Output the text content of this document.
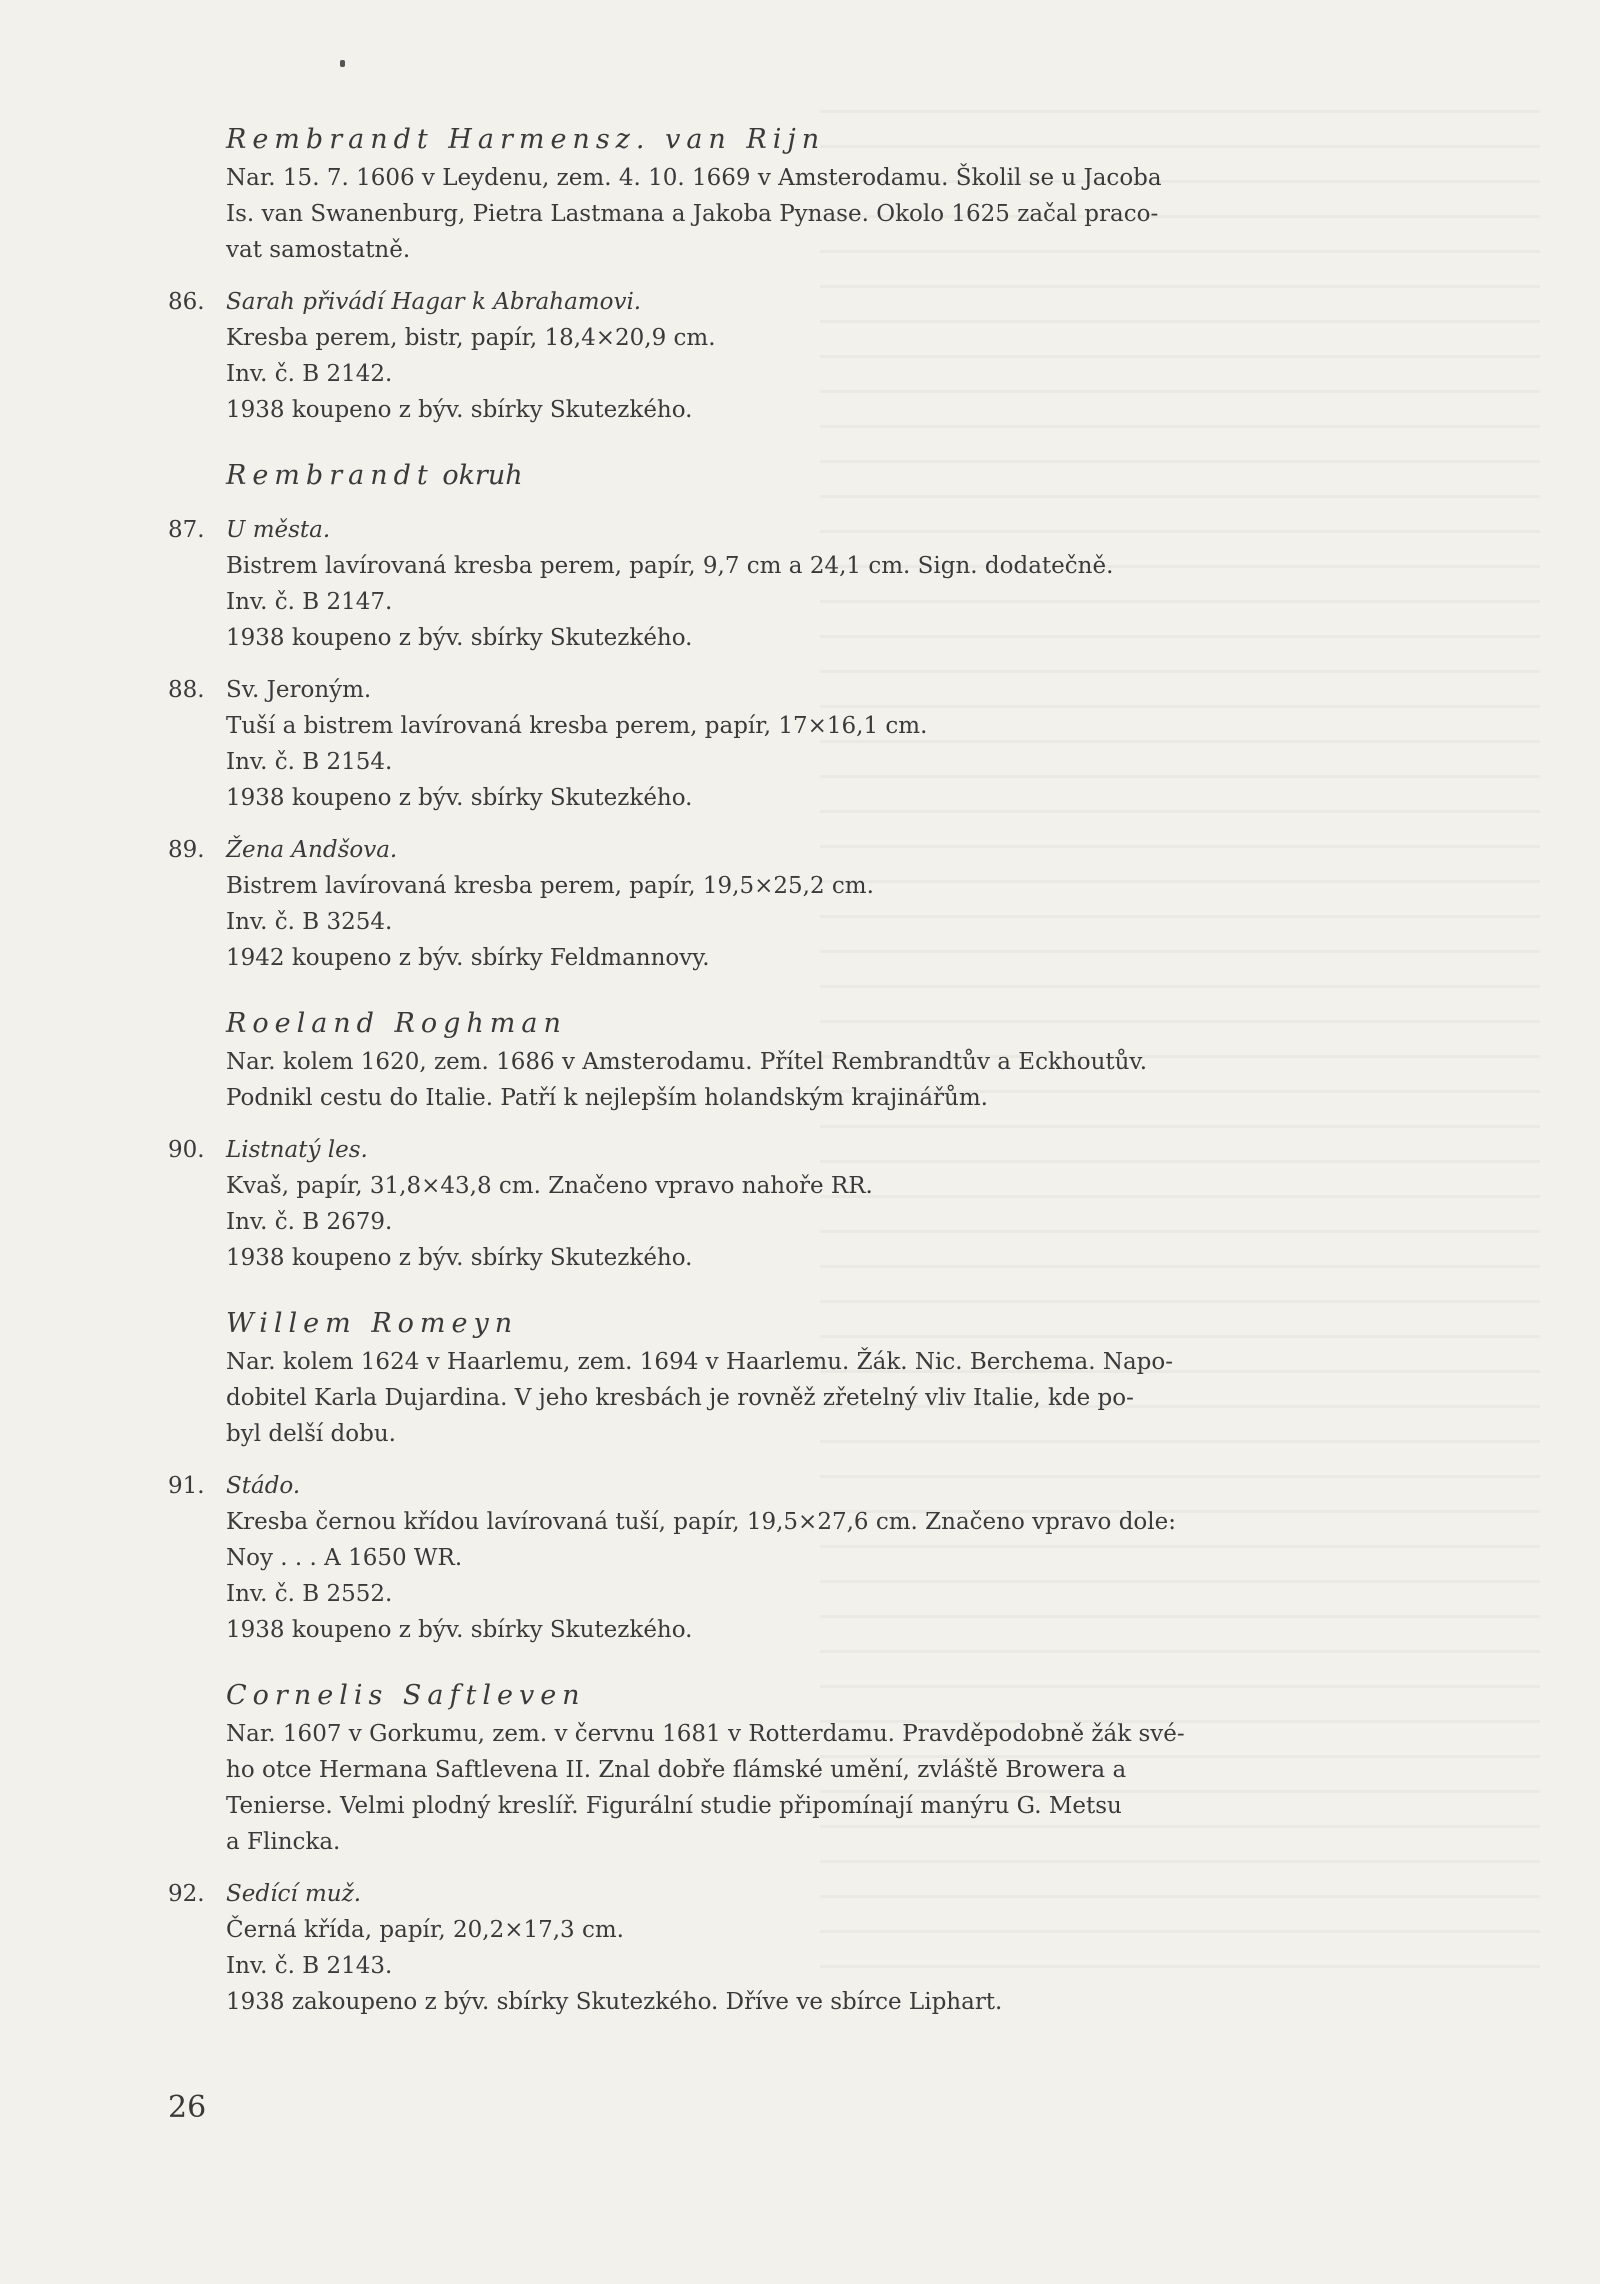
Rembrandt Harmensz. van Rijn
Nar. 15. 7. 1606 v Leydenu, zem. 4. 10. 1669 v Amsterodamu. Školil se u Jacoba
Is. van Swanenburg, Pietra Lastmana a Jakoba Pynase. Okolo 1625 začal praco-
vat samostatně.
86. Sarah přivádí Hagar k Abrahamovi.
Kresba perem, bistr, papír, 18,4×20,9 cm.
Inv. č. B 2142.
1938 koupeno z býv. sbírky Skutezkého.
Rembrandt okruh
87. U města.
Bistrem lavírovaná kresba perem, papír, 9,7 cm a 24,1 cm. Sign. dodatečně.
Inv. č. B 2147.
1938 koupeno z býv. sbírky Skutezkého.
88. Sv. Jeroným.
Tuší a bistrem lavírovaná kresba perem, papír, 17×16,1 cm.
Inv. č. B 2154.
1938 koupeno z býv. sbírky Skutezkého.
89. Žena Andšova.
Bistrem lavírovaná kresba perem, papír, 19,5×25,2 cm.
Inv. č. B 3254.
1942 koupeno z býv. sbírky Feldmannovy.
Roeland Roghman
Nar. kolem 1620, zem. 1686 v Amsterodamu. Přítel Rembrandtův a Eckhoutův.
Podnikl cestu do Italie. Patří k nejlepším holandským krajinářům.
90. Listnatý les.
Kvaš, papír, 31,8×43,8 cm. Značeno vpravo nahoře RR.
Inv. č. B 2679.
1938 koupeno z býv. sbírky Skutezkého.
Willem Romeyn
Nar. kolem 1624 v Haarlemu, zem. 1694 v Haarlemu. Žák. Nic. Berchema. Napo-
dobitel Karla Dujardina. V jeho kresbách je rovněž zřetelný vliv Italie, kde po-
byl delší dobu.
91. Stádo.
Kresba černou křídou lavírovaná tuší, papír, 19,5×27,6 cm. Značeno vpravo dole:
Noy . . . A 1650 WR.
Inv. č. B 2552.
1938 koupeno z býv. sbírky Skutezkého.
Cornelis Saftleven
Nar. 1607 v Gorkumu, zem. v červnu 1681 v Rotterdamu. Pravděpodobně žák své-
ho otce Hermana Saftlevena II. Znal dobře flámské umění, zvláště Browera a
Tenierse. Velmi plodný kreslíř. Figurální studie připomínají manýru G. Metsu
a Flincka.
92. Sedící muž.
Černá křída, papír, 20,2×17,3 cm.
Inv. č. B 2143.
1938 zakoupeno z býv. sbírky Skutezkého. Dříve ve sbírce Liphart.
26
